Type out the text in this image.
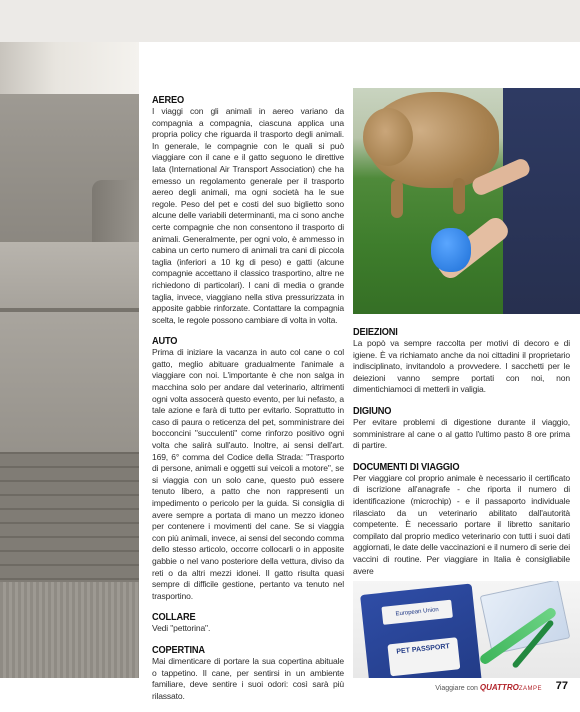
AEREO

I viaggi con gli animali in aereo variano da compagnia a compagnia, ciascuna applica una propria policy che riguarda il trasporto degli animali. In generale, le compagnie con le quali si può viaggiare con il cane e il gatto seguono le direttive Iata (International Air Transport Association) che ha emesso un regolamento generale per il trasporto aereo degli animali, ma ogni società ha le sue regole. Peso del pet e costi del suo biglietto sono alcune delle variabili determinanti, ma ci sono anche certe compagnie che non consentono il trasporto di animali. Generalmente, per ogni volo, è ammesso in cabina un certo numero di animali tra cani di piccola taglia (inferiori a 10 kg di peso) e gatti (alcune compagnie accettano il classico trasportino, altre ne richiedono di particolari). I cani di media o grande taglia, invece, viaggiano nella stiva pressurizzata in apposite gabbie rinforzate. Contattare la compagnia scelta, le regole possono cambiare di volta in volta.

AUTO

Prima di iniziare la vacanza in auto col cane o col gatto, meglio abituare gradualmente l'animale a viaggiare con noi. L'importante è che non salga in macchina solo per andare dal veterinario, altrimenti ogni volta assocerà questo evento, per lui nefasto, a tale azione e farà di tutto per evitarlo. Soprattutto in caso di paura o reticenza del pet, somministrare dei bocconcini "succulenti" come rinforzo positivo ogni volta che salirà sull'auto. Inoltre, ai sensi dell'art. 169, 6° comma del Codice della Strada: "Trasporto di persone, animali e oggetti sui veicoli a motore", se si viaggia con un solo cane, questo può essere tenuto libero, a patto che non rappresenti un impedimento o pericolo per la guida. Si consiglia di avere sempre a portata di mano un mezzo idoneo per contenere i movimenti del cane. Se si viaggia con più animali, invece, ai sensi del secondo comma dello stesso articolo, occorre collocarli o in apposite gabbie o nel vano posteriore della vettura, diviso da reti o da altri mezzi idonei. Il gatto risulta quasi sempre di difficile gestione, pertanto va tenuto nel trasportino.

COLLARE

Vedi "pettorina".

COPERTINA

Mai dimenticare di portare la sua copertina abituale o tappetino. Il cane, per sentirsi in un ambiente familiare, deve sentire i suoi odori: così sarà più rilassato.

DEIEZIONI

La popò va sempre raccolta per motivi di decoro e di igiene. È va richiamato anche da noi cittadini il proprietario indisciplinato, invitandolo a provvedere. I sacchetti per le deiezioni vanno sempre portati con noi, non dimentichiamoci di metterli in valigia.

DIGIUNO

Per evitare problemi di digestione durante il viaggio, somministrare al cane o al gatto l'ultimo pasto 8 ore prima di partire.

DOCUMENTI DI VIAGGIO

Per viaggiare col proprio animale è necessario il certificato di iscrizione all'anagrafe - che riporta il numero di identificazione (microchip) - e il passaporto individuale rilasciato da un veterinario abilitato dall'autorità competente. È necessario portare il libretto sanitario compilato dal proprio medico veterinario con tutti i suoi dati aggiornati, le date delle vaccinazioni e il numero di serie dei vaccini di routine. Per viaggiare in Italia è consigliabile avere

European Union
PET PASSPORT
Viaggiare con QUATTROZAMPE 77
